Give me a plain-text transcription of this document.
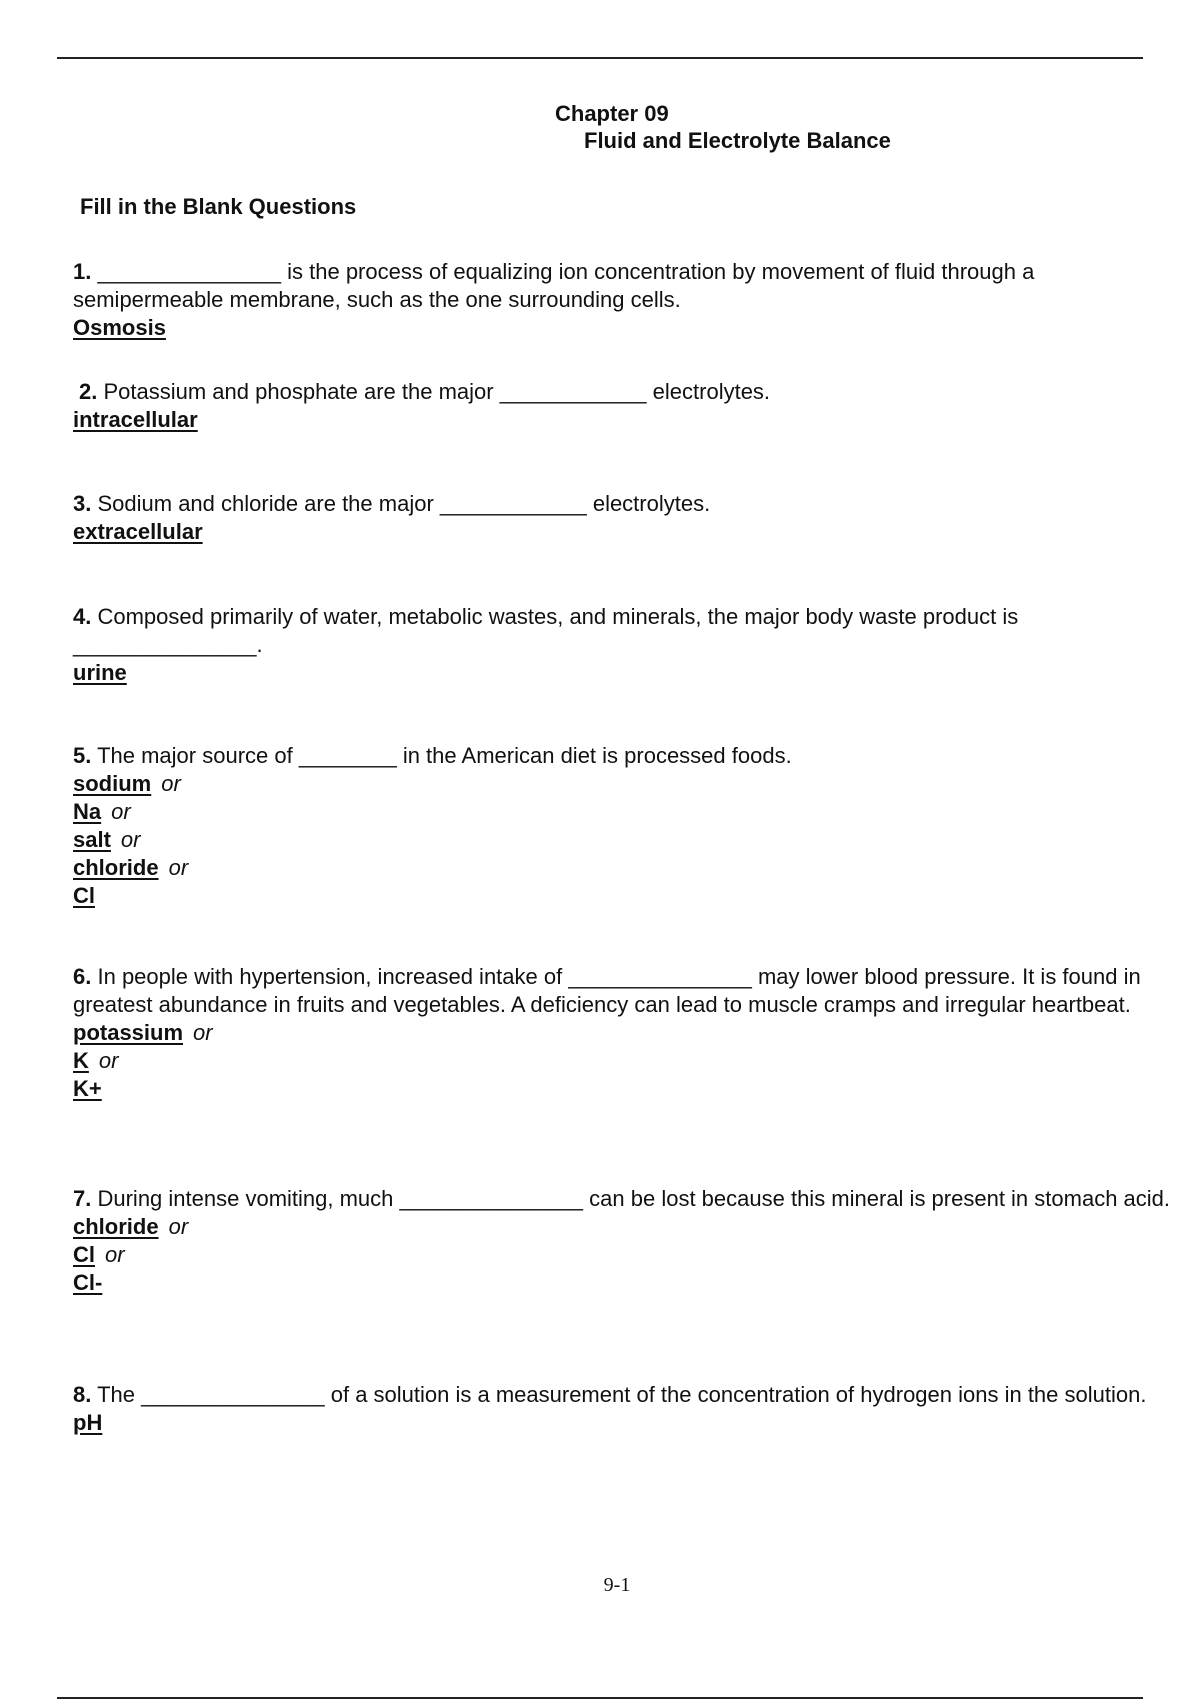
Chapter 09

Fluid and Electrolyte Balance

Fill in the Blank Questions

1. _______________ is the process of equalizing ion concentration by movement of fluid through a semipermeable membrane, such as the one surrounding cells.

Osmosis

2. Potassium and phosphate are the major ____________ electrolytes.

intracellular

3. Sodium and chloride are the major ____________ electrolytes.

extracellular

4. Composed primarily of water, metabolic wastes, and minerals, the major body waste product is _______________.

urine

5. The major source of ________ in the American diet is processed foods.

sodium or
Na or
salt or
chloride or
Cl

6. In people with hypertension, increased intake of _______________ may lower blood pressure. It is found in greatest abundance in fruits and vegetables. A deficiency can lead to muscle cramps and irregular heartbeat.

potassium or
K or
K+

7. During intense vomiting, much _______________ can be lost because this mineral is present in stomach acid.

chloride or
Cl or
Cl-

8. The _______________ of a solution is a measurement of the concentration of hydrogen ions in the solution.

pH

9-1
